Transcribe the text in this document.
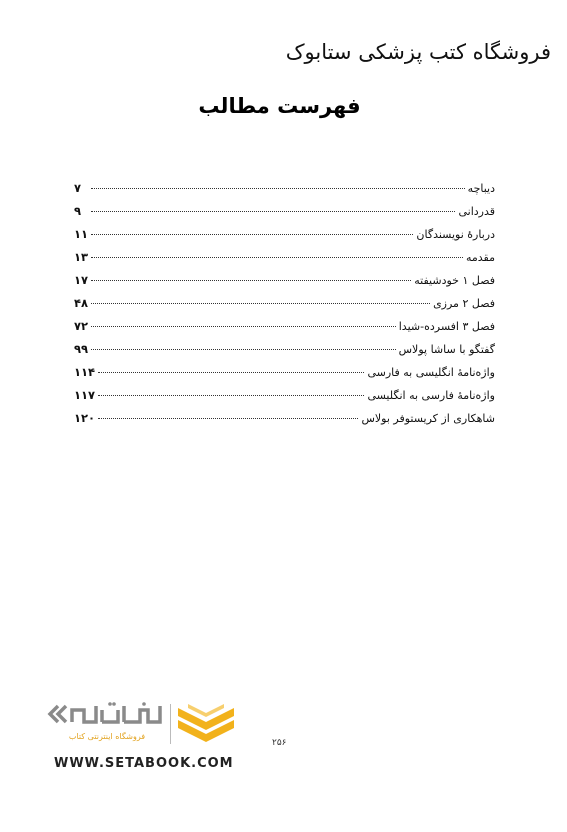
فروشگاه کتب پزشکی ستابوک
فهرست مطالب
دیباچه
۷
قدردانی
۹
دربارۀ نویسندگان
۱۱
مقدمه
۱۳
فصل ۱ خودشیفته
۱۷
فصل ۲ مرزی
۴۸
فصل ۳ افسرده-شیدا
۷۲
گفتگو با ساشا پولاس
۹۹
واژه‌نامۀ انگلیسی به فارسی
۱۱۴
واژه‌نامۀ فارسی به انگلیسی
۱۱۷
شاهکاری از کریستوفر بولاس
۱۲۰
۲۵۶
فروشگاه اینترنتی کتاب
WWW.SETABOOK.COM
